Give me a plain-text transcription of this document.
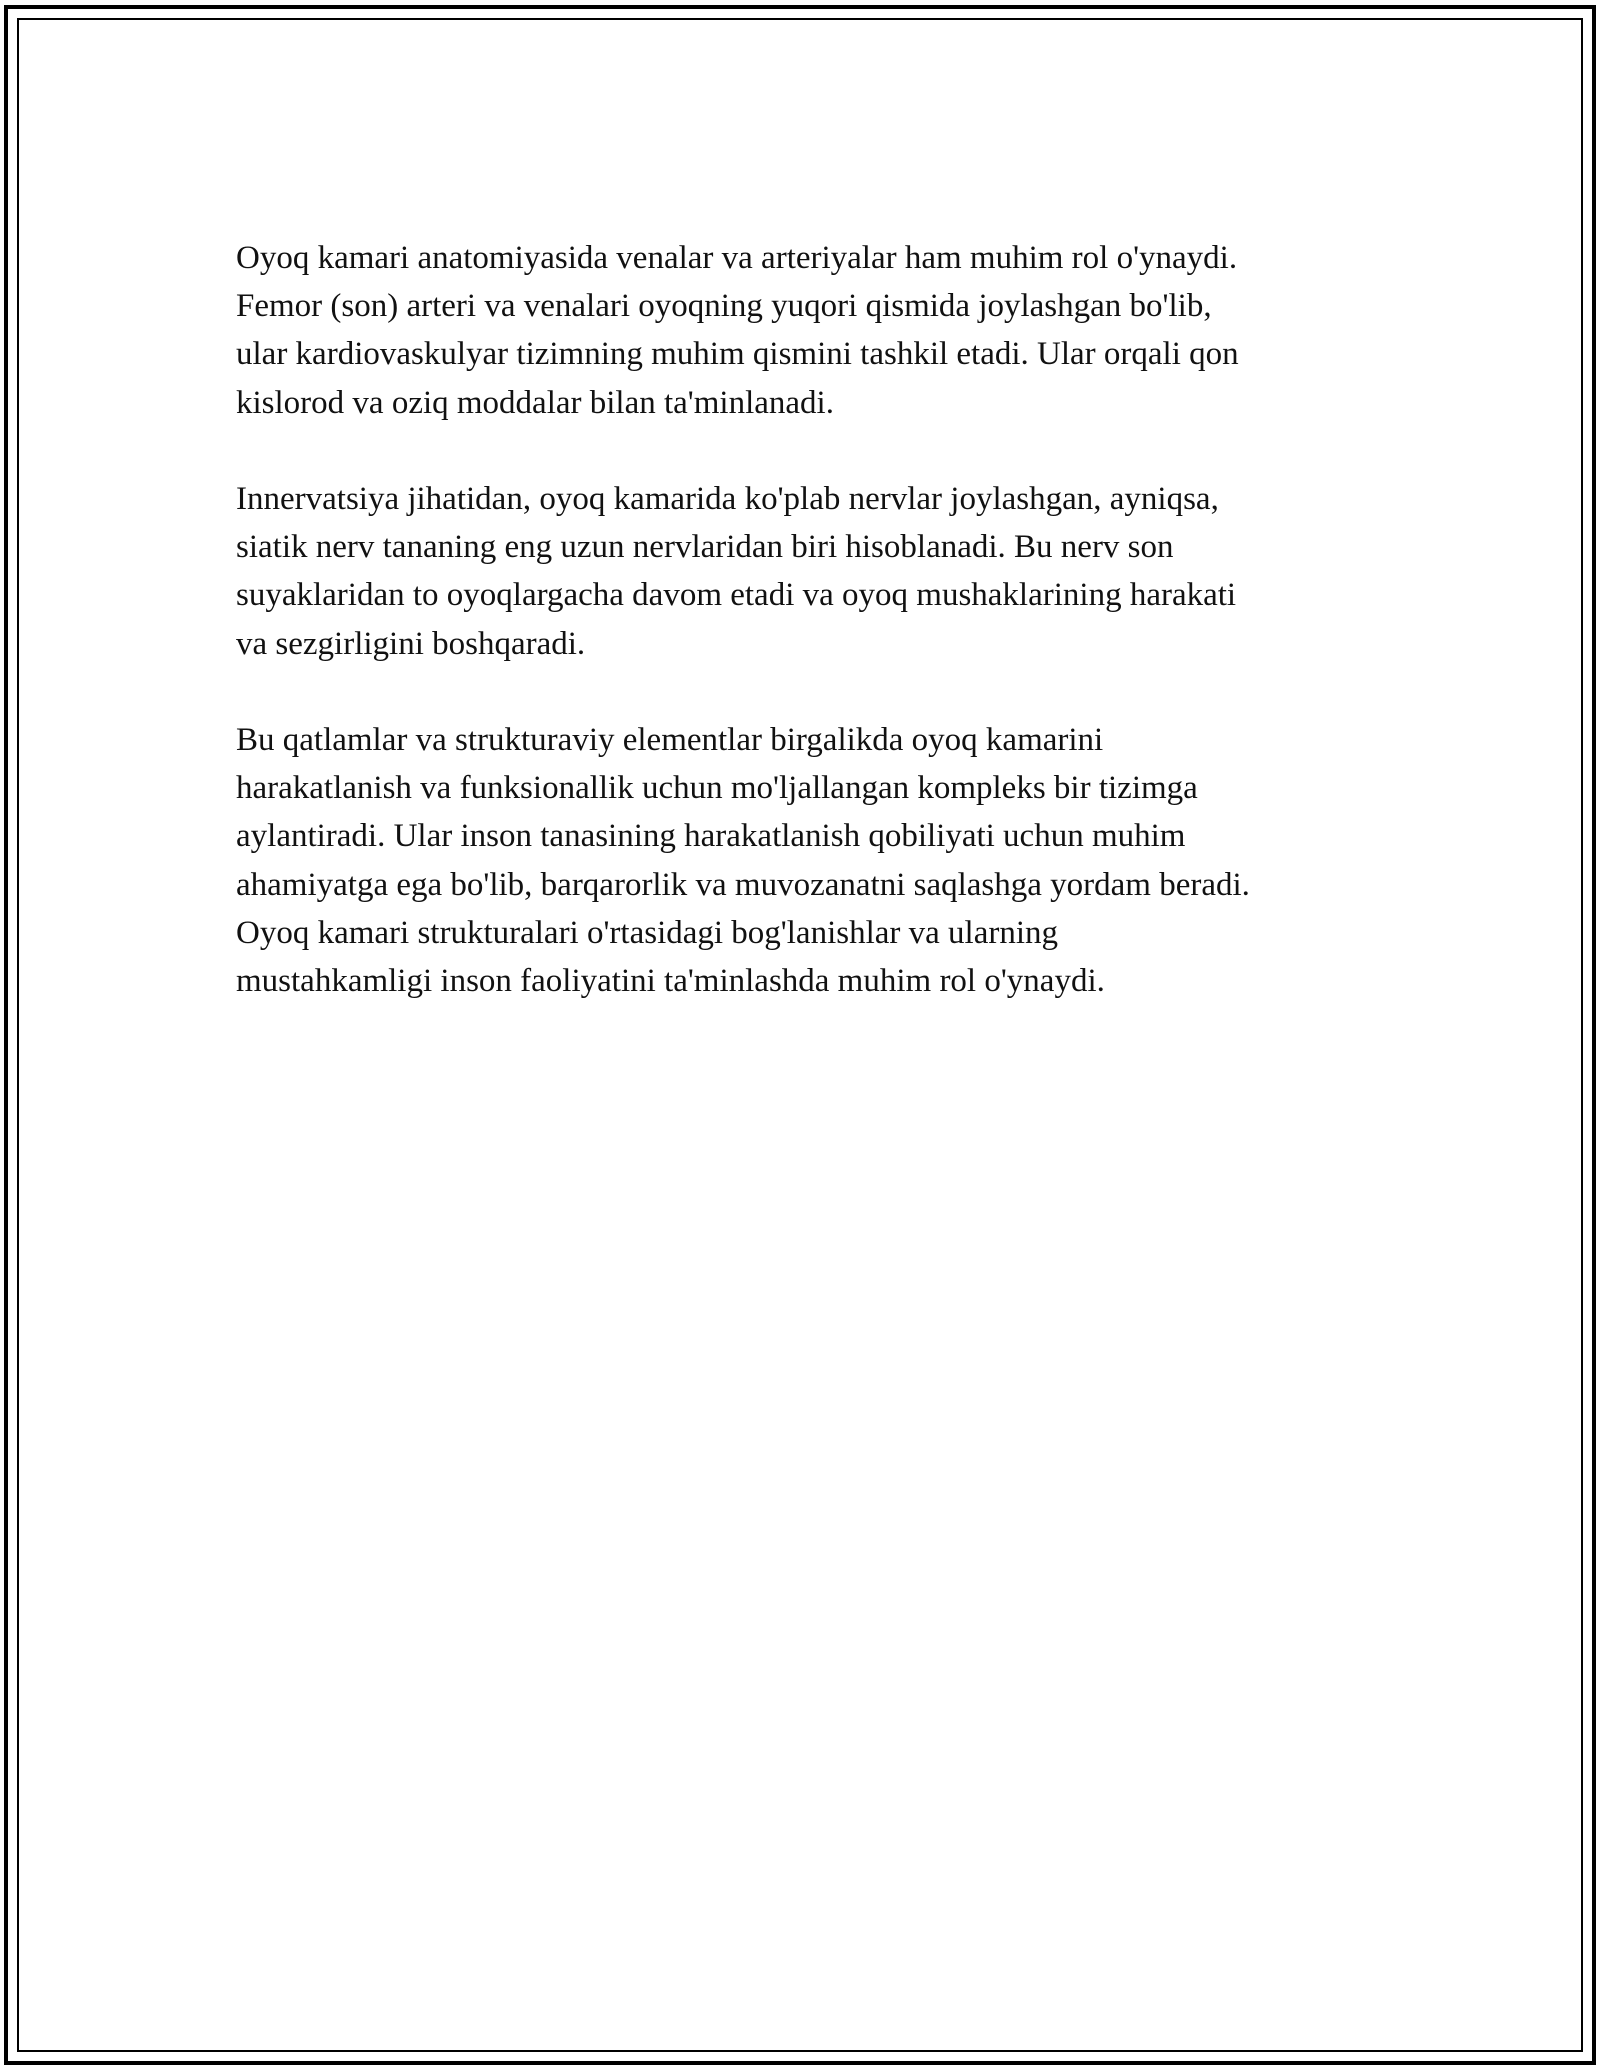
Oyoq kamari anatomiyasida venalar va arteriyalar ham muhim rol o'ynaydi.
Femor (son) arteri va venalari oyoqning yuqori qismida joylashgan bo'lib,
ular kardiovaskulyar tizimning muhim qismini tashkil etadi. Ular orqali qon
kislorod va oziq moddalar bilan ta'minlanadi.

Innervatsiya jihatidan, oyoq kamarida ko'plab nervlar joylashgan, ayniqsa,
siatik nerv tananing eng uzun nervlaridan biri hisoblanadi. Bu nerv son
suyaklaridan to oyoqlargacha davom etadi va oyoq mushaklarining harakati
va sezgirligini boshqaradi.

Bu qatlamlar va strukturaviy elementlar birgalikda oyoq kamarini
harakatlanish va funksionallik uchun mo'ljallangan kompleks bir tizimga
aylantiradi. Ular inson tanasining harakatlanish qobiliyati uchun muhim
ahamiyatga ega bo'lib, barqarorlik va muvozanatni saqlashga yordam beradi.
Oyoq kamari strukturalari o'rtasidagi bog'lanishlar va ularning
mustahkamligi inson faoliyatini ta'minlashda muhim rol o'ynaydi.
